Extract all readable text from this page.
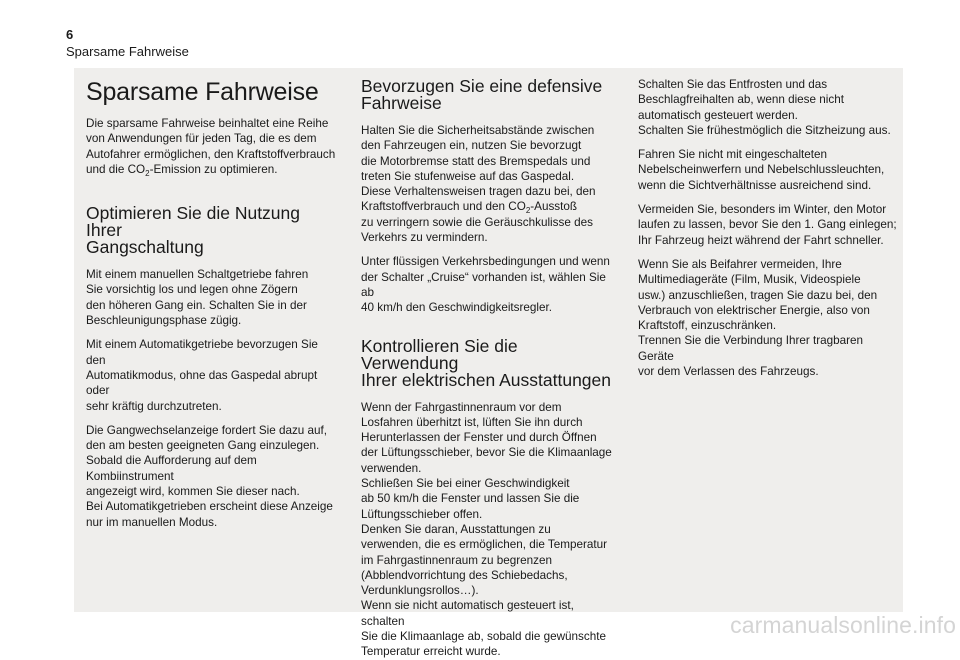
6
Sparsame Fahrweise
Sparsame Fahrweise

Die sparsame Fahrweise beinhaltet eine Reihe
von Anwendungen für jeden Tag, die es dem
Autofahrer ermöglichen, den Kraftstoffverbrauch
und die $CO_2$-Emission zu optimieren.

Optimieren Sie die Nutzung Ihrer
Gangschaltung

Mit einem manuellen Schaltgetriebe fahren
Sie vorsichtig los und legen ohne Zögern
den höheren Gang ein. Schalten Sie in der
Beschleunigungsphase zügig.

Mit einem Automatikgetriebe bevorzugen Sie den
Automatikmodus, ohne das Gaspedal abrupt oder
sehr kräftig durchzutreten.

Die Gangwechselanzeige fordert Sie dazu auf,
den am besten geeigneten Gang einzulegen.
Sobald die Aufforderung auf dem Kombiinstrument
angezeigt wird, kommen Sie dieser nach.
Bei Automatikgetrieben erscheint diese Anzeige
nur im manuellen Modus.

Bevorzugen Sie eine defensive
Fahrweise

Halten Sie die Sicherheitsabstände zwischen
den Fahrzeugen ein, nutzen Sie bevorzugt
die Motorbremse statt des Bremspedals und
treten Sie stufenweise auf das Gaspedal.
Diese Verhaltensweisen tragen dazu bei, den
Kraftstoffverbrauch und den $CO_2$-Ausstoß
zu verringern sowie die Geräuschkulisse des
Verkehrs zu vermindern.

Unter flüssigen Verkehrsbedingungen und wenn
der Schalter „Cruise“ vorhanden ist, wählen Sie ab
40 km/h den Geschwindigkeitsregler.

Kontrollieren Sie die Verwendung
Ihrer elektrischen Ausstattungen

Wenn der Fahrgastinnenraum vor dem
Losfahren überhitzt ist, lüften Sie ihn durch
Herunterlassen der Fenster und durch Öffnen
der Lüftungsschieber, bevor Sie die Klimaanlage
verwenden.
Schließen Sie bei einer Geschwindigkeit
ab 50 km/h die Fenster und lassen Sie die
Lüftungsschieber offen.
Denken Sie daran, Ausstattungen zu
verwenden, die es ermöglichen, die Temperatur
im Fahrgastinnenraum zu begrenzen
(Abblendvorrichtung des Schiebedachs,
Verdunklungsrollos…).
Wenn sie nicht automatisch gesteuert ist, schalten
Sie die Klimaanlage ab, sobald die gewünschte
Temperatur erreicht wurde.

Schalten Sie das Entfrosten und das
Beschlagfreihalten ab, wenn diese nicht
automatisch gesteuert werden.
Schalten Sie frühestmöglich die Sitzheizung aus.

Fahren Sie nicht mit eingeschalteten
Nebelscheinwerfern und Nebelschlussleuchten,
wenn die Sichtverhältnisse ausreichend sind.

Vermeiden Sie, besonders im Winter, den Motor
laufen zu lassen, bevor Sie den 1. Gang einlegen;
Ihr Fahrzeug heizt während der Fahrt schneller.

Wenn Sie als Beifahrer vermeiden, Ihre
Multimediageräte (Film, Musik, Videospiele
usw.) anzuschließen, tragen Sie dazu bei, den
Verbrauch von elektrischer Energie, also von
Kraftstoff, einzuschränken.
Trennen Sie die Verbindung Ihrer tragbaren Geräte
vor dem Verlassen des Fahrzeugs.

carmanualsonline.info
